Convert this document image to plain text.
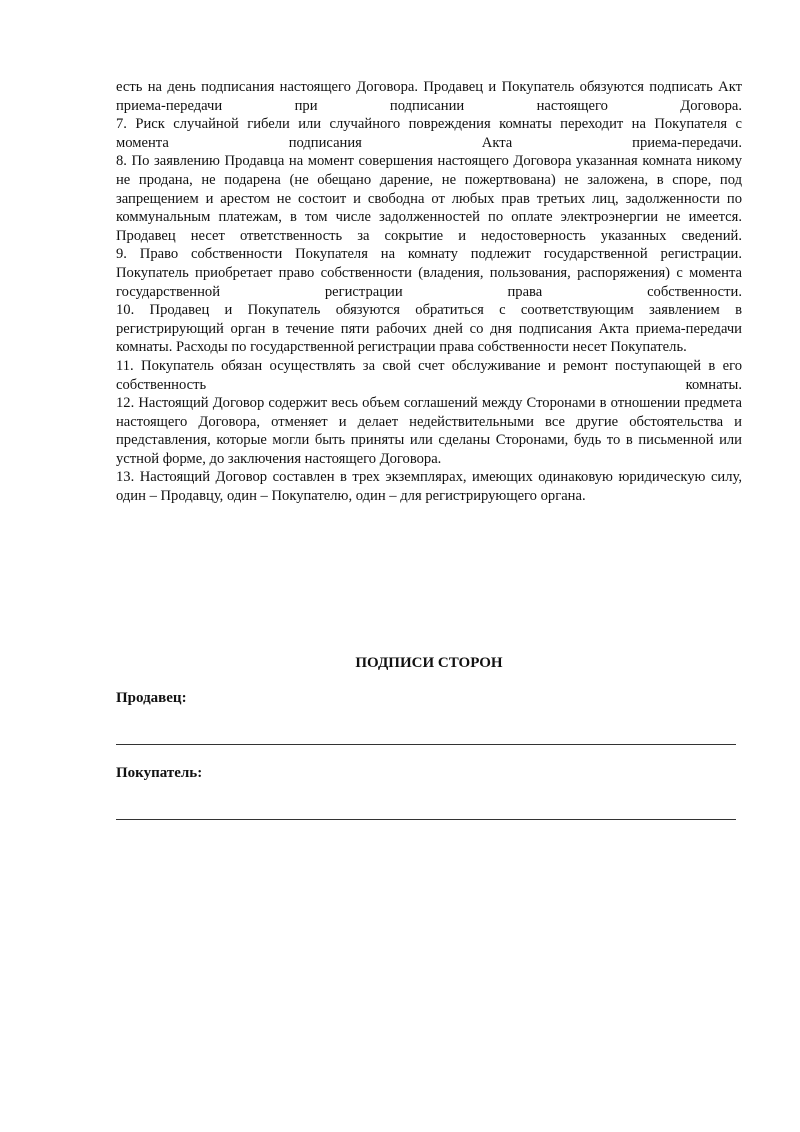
есть на день подписания настоящего Договора. Продавец и Покупатель обязуются подписать Акт приема-передачи при подписании настоящего Договора.

7. Риск случайной гибели или случайного повреждения комнаты переходит на Покупателя с момента подписания Акта приема-передачи.

8. По заявлению Продавца на момент совершения настоящего Договора указанная комната никому не продана, не подарена (не обещано дарение, не пожертвована) не заложена, в споре, под запрещением и арестом не состоит и свободна от любых прав третьих лиц, задолженности по коммунальным платежам, в том числе задолженностей по оплате электроэнергии не имеется. Продавец несет ответственность за сокрытие и недостоверность указанных сведений.

9. Право собственности Покупателя на комнату подлежит государственной регистрации. Покупатель приобретает право собственности (владения, пользования, распоряжения) с момента государственной регистрации права собственности.

10. Продавец и Покупатель обязуются обратиться с соответствующим заявлением в регистрирующий орган в течение пяти рабочих дней со дня подписания Акта приема-передачи комнаты. Расходы по государственной регистрации права собственности несет Покупатель.

11. Покупатель обязан осуществлять за свой счет обслуживание и ремонт поступающей в его собственность комнаты.

12. Настоящий Договор содержит весь объем соглашений между Сторонами в отношении предмета настоящего Договора, отменяет и делает недействительными все другие обстоятельства и представления, которые могли быть приняты или сделаны Сторонами, будь то в письменной или устной форме, до заключения настоящего Договора.

13. Настоящий Договор составлен в трех экземплярах, имеющих одинаковую юридическую силу, один – Продавцу, один – Покупателю, один – для регистрирующего органа.

ПОДПИСИ СТОРОН
Продавец:
Покупатель:
